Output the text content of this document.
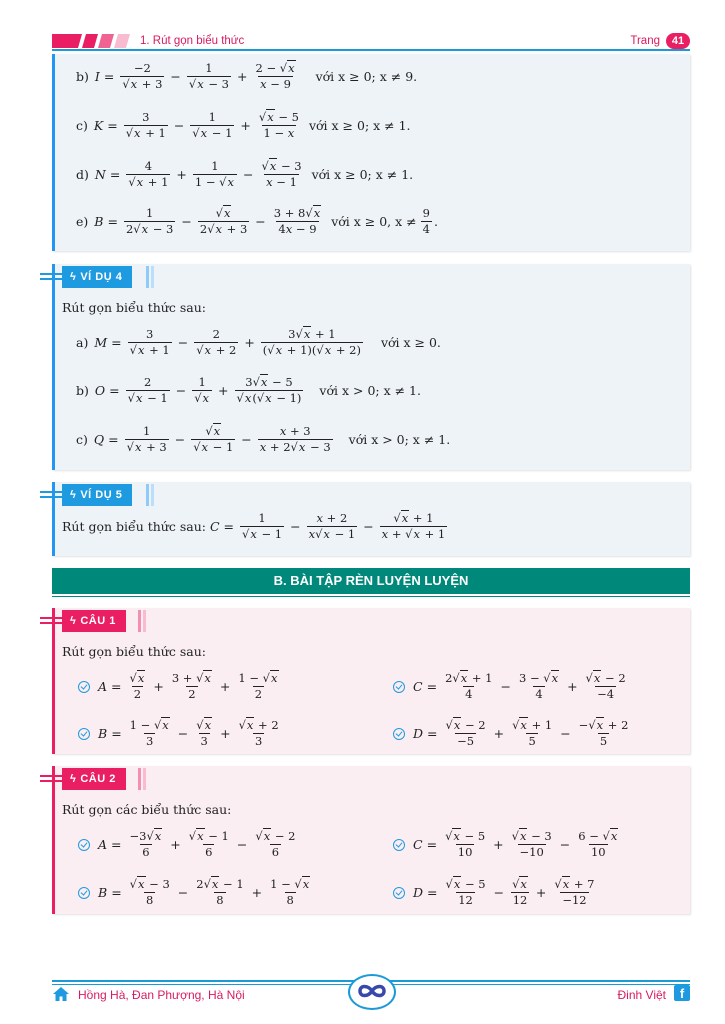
1. Rút gọn biểu thức	Trang	41
b) $I = \frac{-2}{√x + 3} - \frac{1}{√x - 3} + \frac{2 - √x}{x - 9}$ với x ≥ 0; x ≠ 9.
c) $K = \frac{3}{√x + 1} - \frac{1}{√x - 1} + \frac{√x - 5}{1 - x}$ với x ≥ 0; x ≠ 1.
d) $N = \frac{4}{√x + 1} + \frac{1}{1 - √x} - \frac{√x - 3}{x - 1}$ với x ≥ 0; x ≠ 1.
e) $B = \frac{1}{2√x - 3} - \frac{√x}{2√x + 3} - \frac{3 + 8√x}{4x - 9}$ với x ≥ 0, $x \ne \frac{9}{4}$ .
ϟ VÍ DỤ 4
Rút gọn biểu thức sau:
a) $M = \frac{3}{√x + 1} - \frac{2}{√x + 2} + \frac{3√x + 1}{(√x + 1)(√x + 2)}$ với x ≥ 0.
b) $O = \frac{2}{√x - 1} - \frac{1}{√x} + \frac{3√x - 5}{√x(√x - 1)}$ với x > 0; x ≠ 1.
c) $Q = \frac{1}{√x + 3} - \frac{√x}{√x - 1} - \frac{x + 3}{x + 2√x - 3}$ với x > 0; x ≠ 1.
ϟ VÍ DỤ 5
Rút gọn biểu thức sau: $C = \frac{1}{√x - 1} - \frac{x + 2}{x√x - 1} - \frac{√x + 1}{x + √x + 1}$
B. BÀI TẬP RÈN LUYỆN LUYỆN
ϟ CÂU 1
Rút gọn biểu thức sau:
$A = \frac{√x}{2} + \frac{3 + √x}{2} + \frac{1 - √x}{2}$	$C = \frac{2√x + 1}{4} - \frac{3 - √x}{4} + \frac{√x - 2}{-4}$
$B = \frac{1 - √x}{3} - \frac{√x}{3} + \frac{√x + 2}{3}$	$D = \frac{√x - 2}{-5} + \frac{√x + 1}{5} - \frac{-√x + 2}{5}$
ϟ CÂU 2
Rút gọn các biểu thức sau:
$A = \frac{-3√x}{6} + \frac{√x - 1}{6} - \frac{√x - 2}{6}$	$C = \frac{√x - 5}{10} + \frac{√x - 3}{-10} - \frac{6 - √x}{10}$
$B = \frac{√x - 3}{8} - \frac{2√x - 1}{8} + \frac{1 - √x}{8}$	$D = \frac{√x - 5}{12} - \frac{√x}{12} + \frac{√x + 7}{-12}$
Hồng Hà, Đan Phượng, Hà Nội	Đinh Việt	f
